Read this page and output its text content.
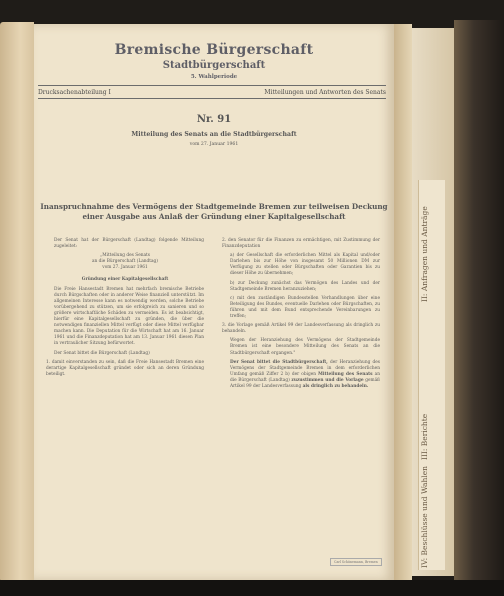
Bremische Bürgerschaft
Stadtbürgerschaft
5. Wahlperiode
Drucksachenabteilung I	Mitteilungen und Antworten des Senats
Nr. 91
Mitteilung des Senats an die Stadtbürgerschaft
vom 27. Januar 1961
Inanspruchnahme des Vermögens der Stadtgemeinde Bremen zur teilweisen Deckung
einer Ausgabe aus Anlaß der Gründung einer Kapitalgesellschaft

Der Senat hat der Bürgerschaft (Landtag) folgende Mitteilung zugeleitet:

„Mitteilung des Senats
an die Bürgerschaft (Landtag)

vom 27. Januar 1961

Gründung einer Kapitalgesellschaft

Die Freie Hansestadt Bremen hat mehrfach bremische Betriebe durch Bürgschaften oder in anderer Weise finanziell unterstützt. Im allgemeinen Interesse kann es notwendig werden, solche Betriebe vorübergehend zu stützen, um sie erfolgreich zu sanieren und so größere wirtschaftliche Schäden zu vermeiden. Es ist beabsichtigt, hierfür eine Kapitalgesellschaft zu gründen, die über die notwendigen finanziellen Mittel verfügt oder diese Mittel verfügbar machen kann. Die Deputation für die Wirtschaft hat am 16. Januar 1961 und die Finanzdeputation hat am 13. Januar 1961 diesen Plan in vertraulicher Sitzung befürwortet.

Der Senat bittet die Bürgerschaft (Landtag)

1. damit einverstanden zu sein, daß die Freie Hansestadt Bremen eine derartige Kapitalgesellschaft gründet oder sich an deren Gründung beteiligt.

2. den Senator für die Finanzen zu ermächtigen, mit Zustimmung der Finanzdeputation

a) der Gesellschaft die erforderlichen Mittel als Kapital und/oder Darlehen bis zur Höhe von insgesamt 50 Millionen DM zur Verfügung zu stellen oder Bürgschaften oder Garantien bis zu dieser Höhe zu übernehmen;

b) zur Deckung zunächst das Vermögen des Landes und der Stadtgemeinde Bremen heranzuziehen;

c) mit den zuständigen Bundesstellen Verhandlungen über eine Beteiligung des Bundes, eventuelle Darlehen oder Bürgschaften, zu führen und mit dem Bund entsprechende Vereinbarungen zu treffen;

3. die Vorlage gemäß Artikel 99 der Landesverfassung als dringlich zu behandeln.

Wegen der Heranziehung des Vermögens der Stadtgemeinde Bremen ist eine besondere Mitteilung des Senats an die Stadtbürgerschaft ergangen."

Der Senat bittet die Stadtbürgerschaft, der Heranziehung des Vermögens der Stadtgemeinde Bremen in dem erforderlichen Umfang gemäß Ziffer 2 b) der obigen Mitteilung des Senats an die Bürgerschaft (Landtag) zuzustimmen und die Vorlage gemäß Artikel 99 der Landesverfassung als dringlich zu behandeln.

Carl Schünemann, Bremen
II: Anfragen und Anträge
III: Berichte
IV: Beschlüsse und Wahlen
